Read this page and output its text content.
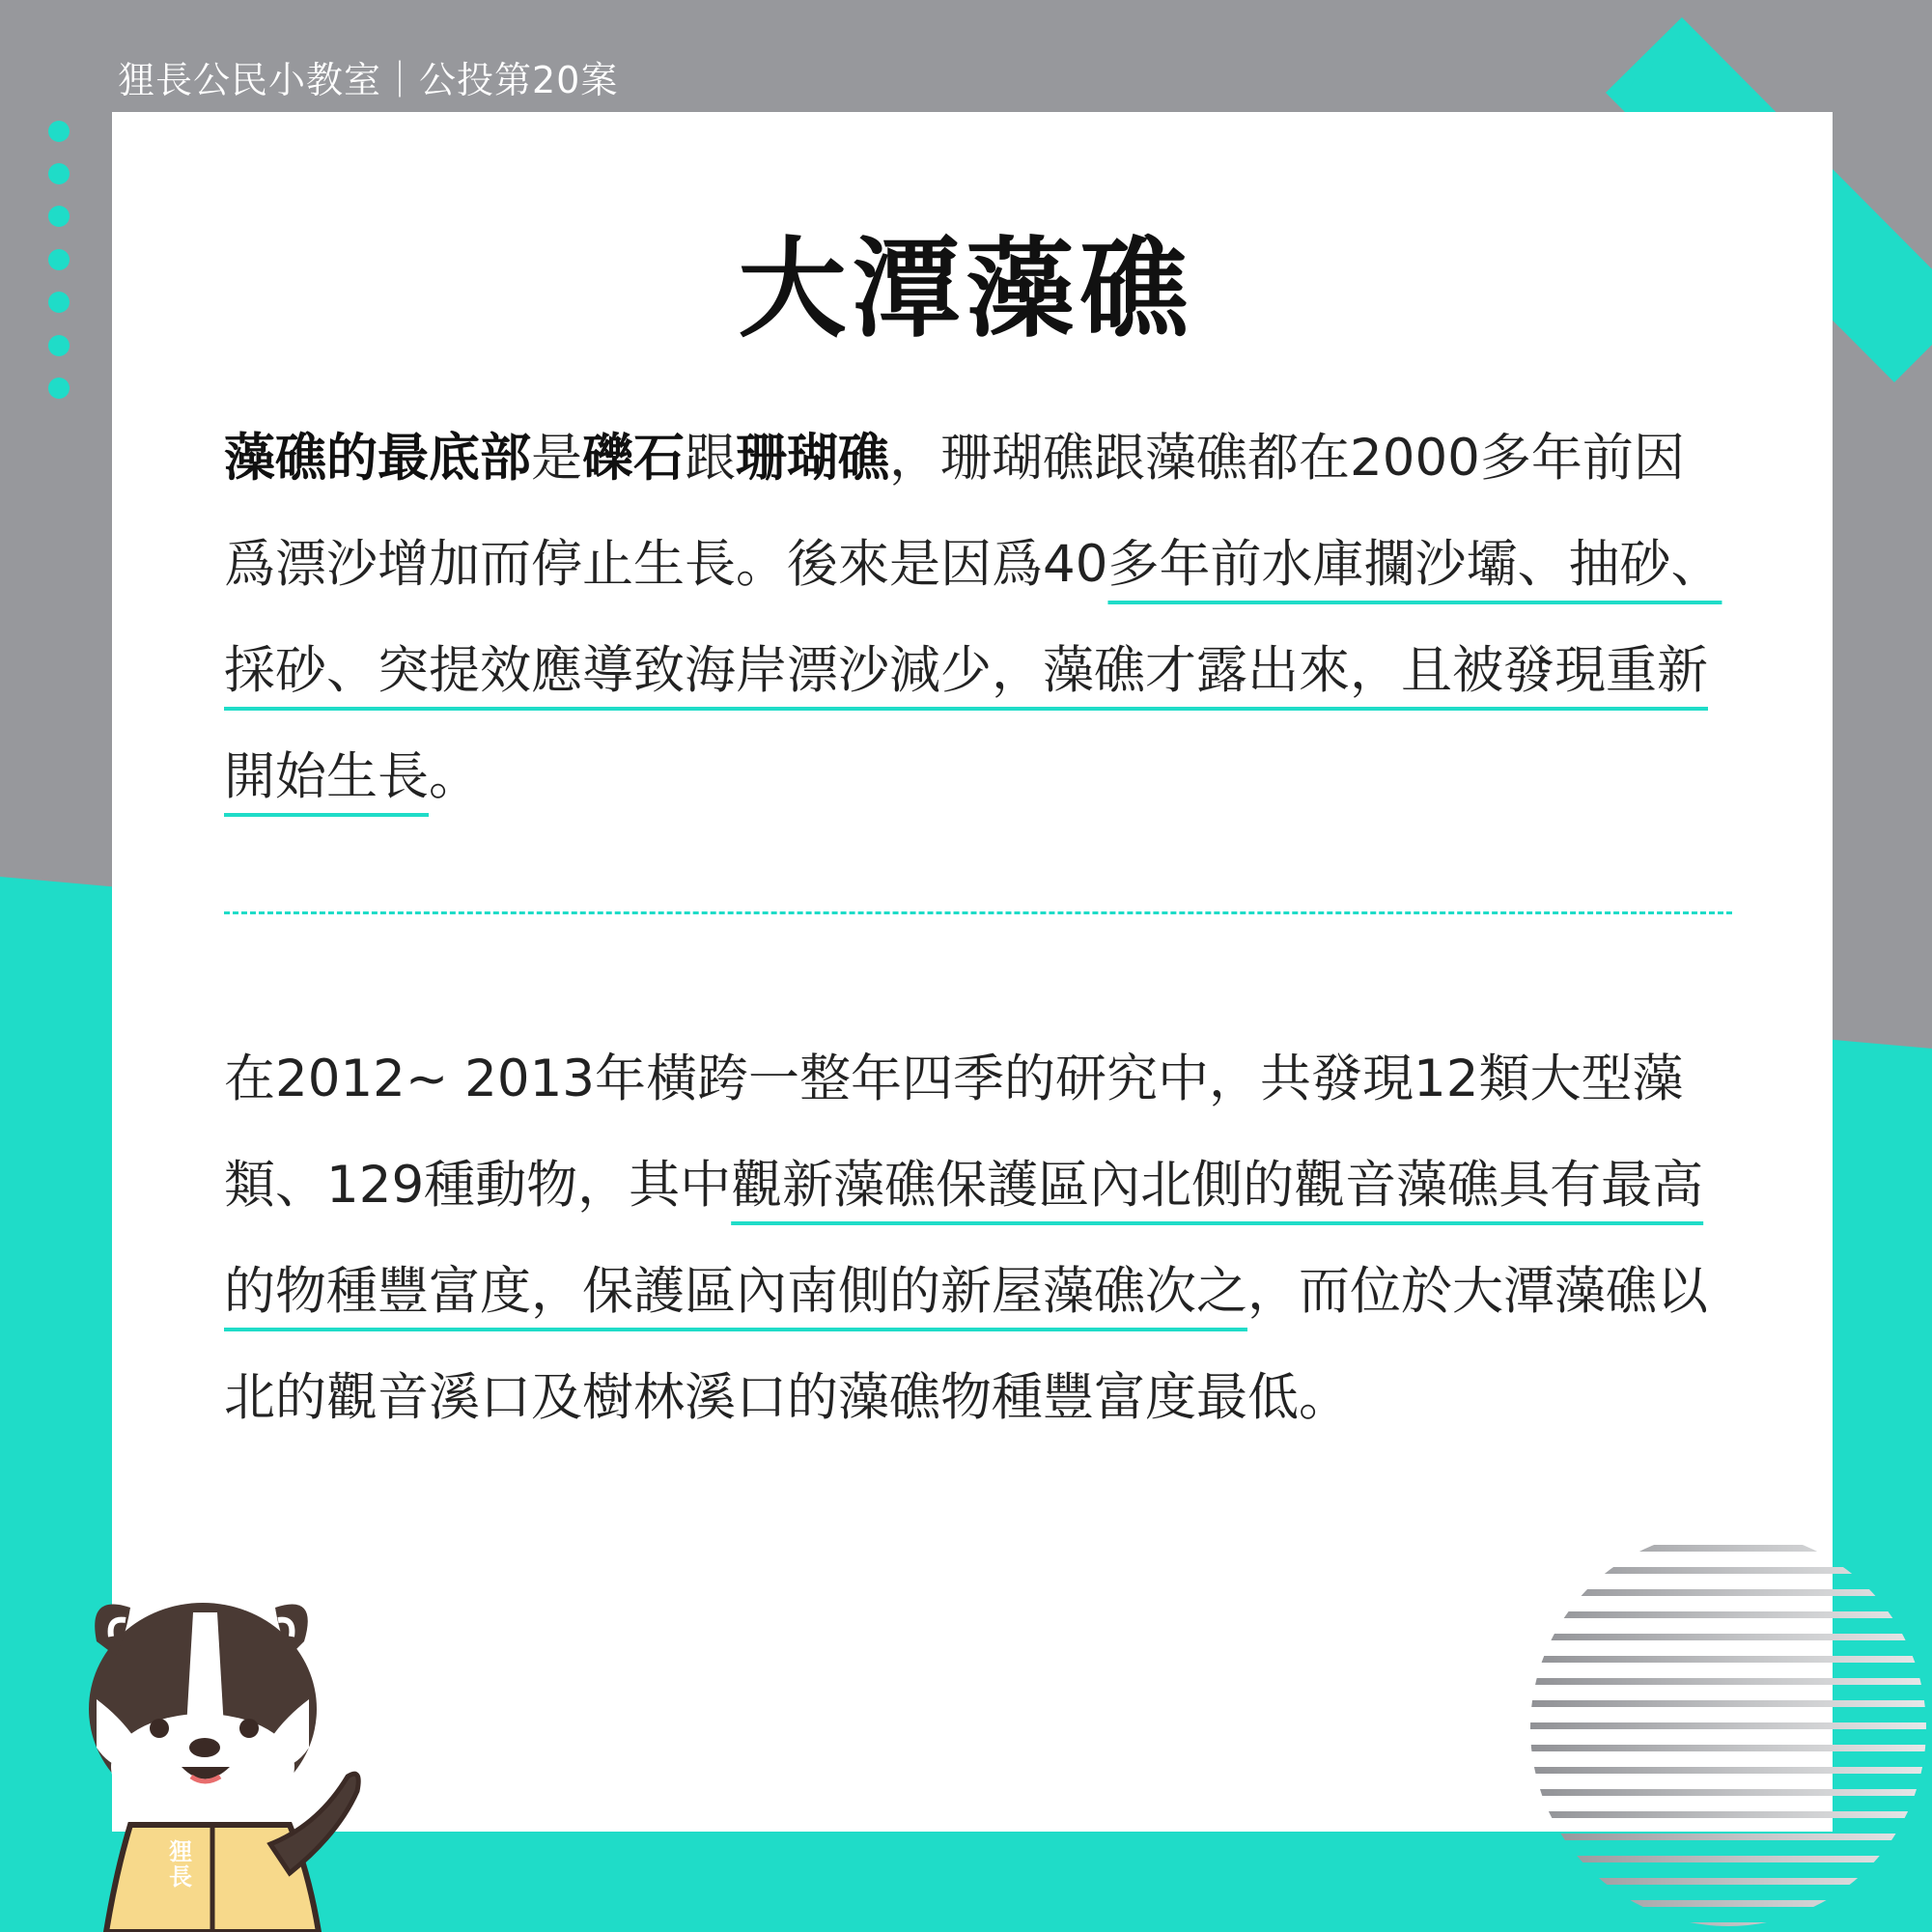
狸長公民小教室｜公投第20案
大潭藻礁
藻礁的最底部是礫石跟珊瑚礁，珊瑚礁跟藻礁都在2000多年前因爲漂沙增加而停止生長。後來是因爲40多年前水庫攔沙壩、抽砂、採砂、突提效應導致海岸漂沙減少，藻礁才露出來，且被發現重新開始生長。
在2012~ 2013年橫跨一整年四季的研究中，共發現12類大型藻類、129種動物，其中觀新藻礁保護區內北側的觀音藻礁具有最高的物種豐富度，保護區內南側的新屋藻礁次之，而位於大潭藻礁以北的觀音溪口及樹林溪口的藻礁物種豐富度最低。
狸長
